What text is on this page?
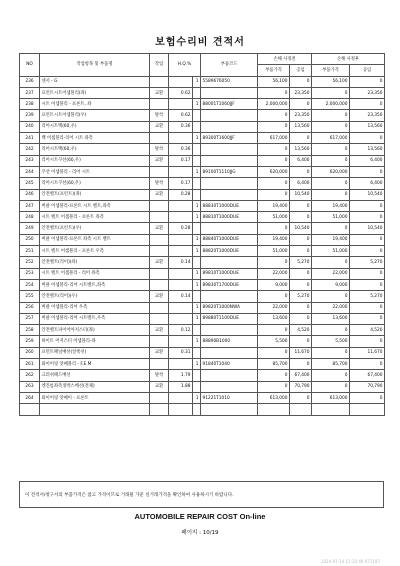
보험수리비 견적서
NO	작업항목 및 부품명	작업	H.Q.%		부품코드	손해 사정전		손해 사정후	
						부품가격	공임	부품가격	공임
236	센서 - G			1	5589676050	56,100	0	56,100	0
237	프런트시트어셈블리(좌)	교환	0.62			0	23,350	0	23,350
238	시트 어셈블리 - 프론트, 좌			1	88001T1060JJF	2,000,000	0	2,000,000	0
239	프런트시트어셈블리(우)	탈착	0.62			0	23,350	0	23,350
240	리어시트백(60,우)	교환	0.36			0	13,560	0	13,560
241	백 어셈블리-리어 시트 좌측			1	89300T1600JJF	617,000	0	617,000	0
242	리어시트백(60,우)	탈착	0.36			0	13,560	0	13,560
243	리어시트쿠션(60,우)	교환	0.17			0	6,400	0	6,400
244	쿠션 어셈블리 - 리어 시트			1	89100T1110JJG	620,000	0	620,000	0
245	리어시트쿠션(60,우)	탈착	0.17			0	6,400	0	6,400
246	안전벨트(프런트)(좌)	교환	0.28			0	10,540	0	10,540
247	버클 어셈블리-프론트 시트 벨트,좌측			1	88830T1000DUE	19,400	0	19,400	0
248	시트 벨트 어셈블리 - 프론트 좌측			1	88810T1000DUE	51,000	0	51,000	0
249	안전벨트(프런트)(우)	교환	0.28			0	10,540	0	10,540
250	버클 어셈블리-프론트 좌측 시트 벨트			1	88840T1000DUE	19,400	0	19,400	0
251	시트 벨트 어셈블리 - 프론트 우측			1	88820T1000DUE	51,000	0	51,000	0
252	안전벨트(리어)(좌)	교환	0.14			0	5,270	0	5,270
253	시트 벨트 어셈블리 - 리어 좌측			1	89810T1000DUE	22,000	0	22,000	0
254	버클 어셈블리-리어 시트벨트,좌측			1	89830T1700DUE	9,000	0	9,000	0
255	안전벨트(리어)(우)	교환	0.14			0	5,270	0	5,270
256	버클 어셈블리-리어 우측			1	89820T1000NWA	22,000	0	22,000	0
257	버클 어셈블리-리어 시트벨트,우측			1	89880T1100DUE	13,600	0	13,600	0
258	안전벨트파이어아저스터(좌)	교환	0.12			0	4,520	0	4,520
259	하이트 어저스터 어셈블리-좌			1	88890B1000	5,500	0	5,500	0
260	프런트패널배선(앞쪽선)	교환	0.31			0	11,670	0	11,670
261	와이어링 앗쎄블리 - F.E.M			1	91840T1040	85,700	0	85,700	0
262	크러쉬패드배선	탈착	1.79			0	67,400	0	67,400
263	엔진룸좌측정박스배선(전체)	교환	1.88			0	70,790	0	70,790
264	와이어링 앗쎄이 - 프론트			1	91221T1010	613,000	0	613,000	0

이 견적서/청구서의 부품가격은 참고 가격이므로 거래될 가준 실거래가격을 확인하여 사용하시기 바랍니다.
AUTOMOBILE REPAIR COST On-line
페이지 : 10/19
2024-07-14 15:30:40 671197
